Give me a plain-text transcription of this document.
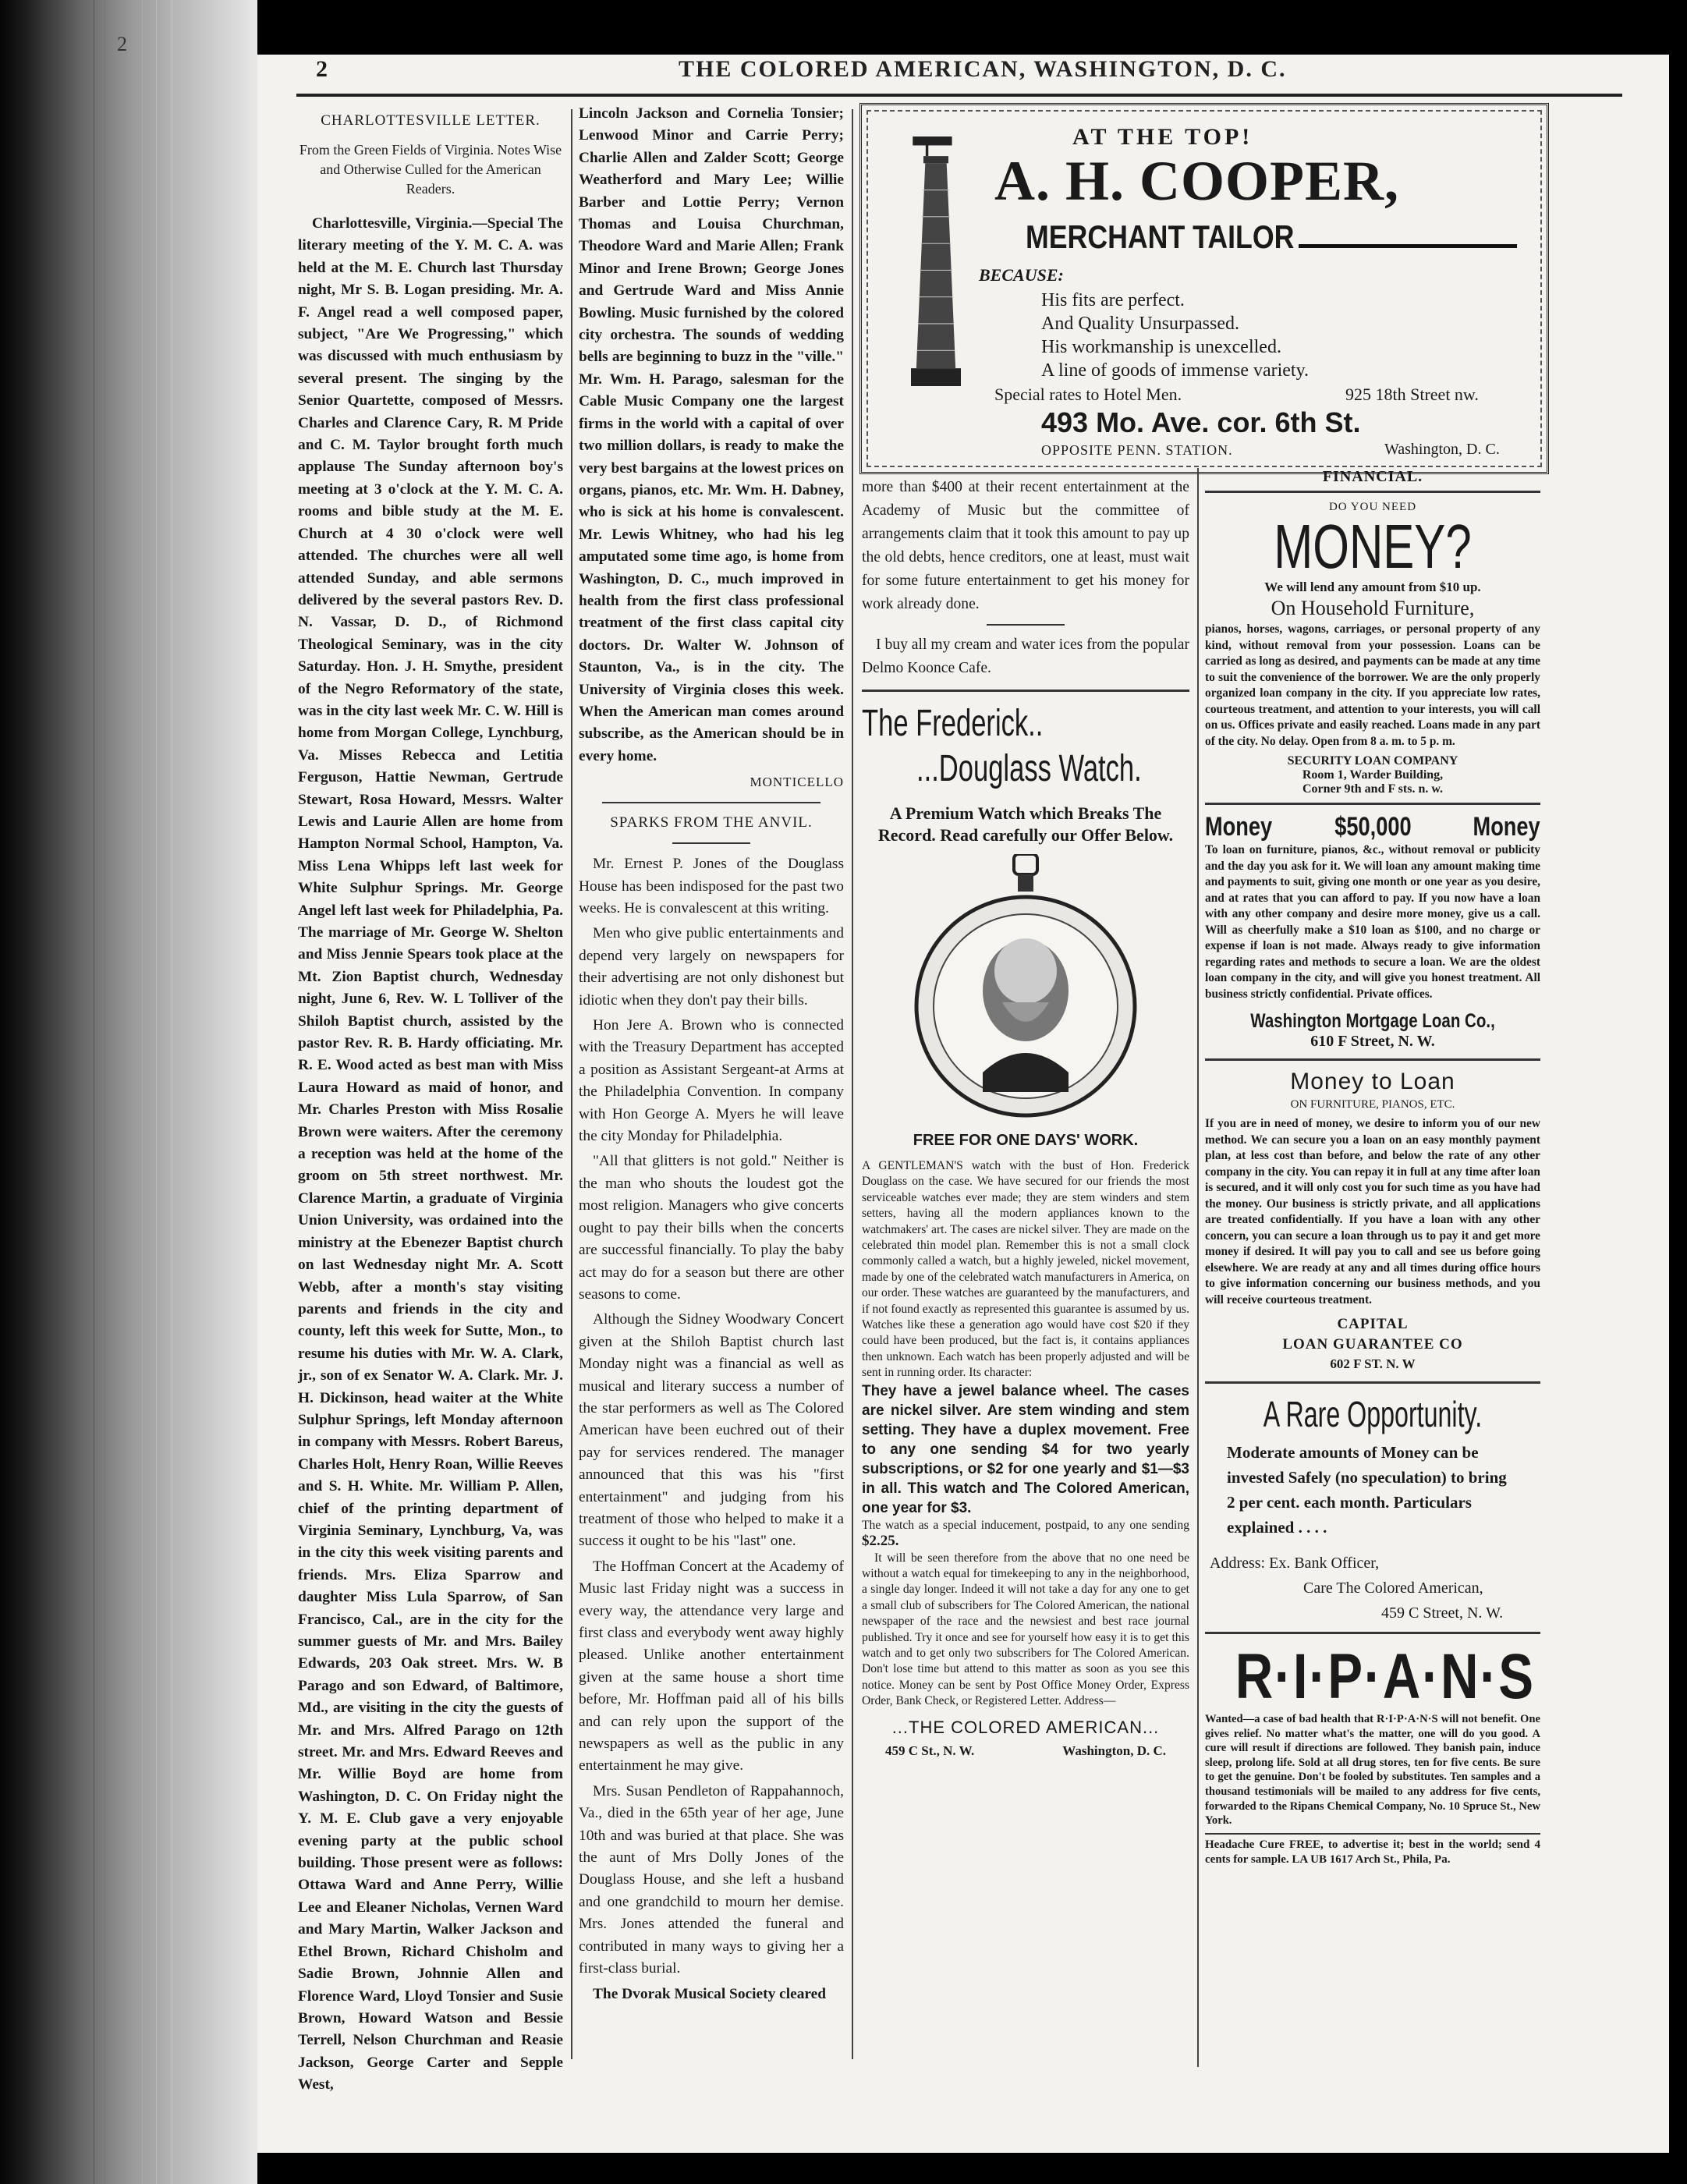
2
2	THE COLORED AMERICAN, WASHINGTON, D. C.
CHARLOTTESVILLE LETTER.
From the Green Fields of Virginia. Notes Wise and Otherwise Culled for the American Readers.

Charlottesville, Virginia.—Special The literary meeting of the Y. M. C. A. was held at the M. E. Church last Thursday night, Mr S. B. Logan presiding. Mr. A. F. Angel read a well composed paper, subject, "Are We Progressing," which was discussed with much enthusiasm by several present. The singing by the Senior Quartette, composed of Messrs. Charles and Clarence Cary, R. M Pride and C. M. Taylor brought forth much applause The Sunday afternoon boy's meeting at 3 o'clock at the Y. M. C. A. rooms and bible study at the M. E. Church at 4 30 o'clock were well attended. The churches were all well attended Sunday, and able sermons delivered by the several pastors Rev. D. N. Vassar, D. D., of Richmond Theological Seminary, was in the city Saturday. Hon. J. H. Smythe, president of the Negro Reformatory of the state, was in the city last week Mr. C. W. Hill is home from Morgan College, Lynchburg, Va. Misses Rebecca and Letitia Ferguson, Hattie Newman, Gertrude Stewart, Rosa Howard, Messrs. Walter Lewis and Laurie Allen are home from Hampton Normal School, Hampton, Va. Miss Lena Whipps left last week for White Sulphur Springs. Mr. George Angel left last week for Philadelphia, Pa. The marriage of Mr. George W. Shelton and Miss Jennie Spears took place at the Mt. Zion Baptist church, Wednesday night, June 6, Rev. W. L Tolliver of the Shiloh Baptist church, assisted by the pastor Rev. R. B. Hardy officiating. Mr. R. E. Wood acted as best man with Miss Laura Howard as maid of honor, and Mr. Charles Preston with Miss Rosalie Brown were waiters. After the ceremony a reception was held at the home of the groom on 5th street northwest. Mr. Clarence Martin, a graduate of Virginia Union University, was ordained into the ministry at the Ebenezer Baptist church on last Wednesday night Mr. A. Scott Webb, after a month's stay visiting parents and friends in the city and county, left this week for Sutte, Mon., to resume his duties with Mr. W. A. Clark, jr., son of ex Senator W. A. Clark. Mr. J. H. Dickinson, head waiter at the White Sulphur Springs, left Monday afternoon in company with Messrs. Robert Bareus, Charles Holt, Henry Roan, Willie Reeves and S. H. White. Mr. William P. Allen, chief of the printing department of Virginia Seminary, Lynchburg, Va, was in the city this week visiting parents and friends. Mrs. Eliza Sparrow and daughter Miss Lula Sparrow, of San Francisco, Cal., are in the city for the summer guests of Mr. and Mrs. Bailey Edwards, 203 Oak street. Mrs. W. B Parago and son Edward, of Baltimore, Md., are visiting in the city the guests of Mr. and Mrs. Alfred Parago on 12th street. Mr. and Mrs. Edward Reeves and Mr. Willie Boyd are home from Washington, D. C. On Friday night the Y. M. E. Club gave a very enjoyable evening party at the public school building. Those present were as follows: Ottawa Ward and Anne Perry, Willie Lee and Eleaner Nicholas, Vernen Ward and Mary Martin, Walker Jackson and Ethel Brown, Richard Chisholm and Sadie Brown, Johnnie Allen and Florence Ward, Lloyd Tonsier and Susie Brown, Howard Watson and Bessie Terrell, Nelson Churchman and Reasie Jackson, George Carter and Sepple West,

Lincoln Jackson and Cornelia Tonsier; Lenwood Minor and Carrie Perry; Charlie Allen and Zalder Scott; George Weatherford and Mary Lee; Willie Barber and Lottie Perry; Vernon Thomas and Louisa Churchman, Theodore Ward and Marie Allen; Frank Minor and Irene Brown; George Jones and Gertrude Ward and Miss Annie Bowling. Music furnished by the colored city orchestra. The sounds of wedding bells are beginning to buzz in the "ville." Mr. Wm. H. Parago, salesman for the Cable Music Company one the largest firms in the world with a capital of over two million dollars, is ready to make the very best bargains at the lowest prices on organs, pianos, etc. Mr. Wm. H. Dabney, who is sick at his home is convalescent. Mr. Lewis Whitney, who had his leg amputated some time ago, is home from Washington, D. C., much improved in health from the first class professional treatment of the first class capital city doctors. Dr. Walter W. Johnson of Staunton, Va., is in the city. The University of Virginia closes this week. When the American man comes around subscribe, as the American should be in every home.

MONTICELLO
SPARKS FROM THE ANVIL.

Mr. Ernest P. Jones of the Douglass House has been indisposed for the past two weeks. He is convalescent at this writing.

Men who give public entertainments and depend very largely on newspapers for their advertising are not only dishonest but idiotic when they don't pay their bills.

Hon Jere A. Brown who is connected with the Treasury Department has accepted a position as Assistant Sergeant-at Arms at the Philadelphia Convention. In company with Hon George A. Myers he will leave the city Monday for Philadelphia.

"All that glitters is not gold." Neither is the man who shouts the loudest got the most religion. Managers who give concerts ought to pay their bills when the concerts are successful financially. To play the baby act may do for a season but there are other seasons to come.

Although the Sidney Woodwary Concert given at the Shiloh Baptist church last Monday night was a financial as well as musical and literary success a number of the star performers as well as The Colored American have been euchred out of their pay for services rendered. The manager announced that this was his "first entertainment" and judging from his treatment of those who helped to make it a success it ought to be his "last" one.

The Hoffman Concert at the Academy of Music last Friday night was a success in every way, the attendance very large and first class and everybody went away highly pleased. Unlike another entertainment given at the same house a short time before, Mr. Hoffman paid all of his bills and can rely upon the support of the newspapers as well as the public in any entertainment he may give.

Mrs. Susan Pendleton of Rappahannoch, Va., died in the 65th year of her age, June 10th and was buried at that place. She was the aunt of Mrs Dolly Jones of the Douglass House, and she left a husband and one grandchild to mourn her demise. Mrs. Jones attended the funeral and contributed in many ways to giving her a first-class burial.

The Dvorak Musical Society cleared

AT THE TOP!
A. H. COOPER,
MERCHANT TAILOR
BECAUSE:
His fits are perfect.
And Quality Unsurpassed.
His workmanship is unexcelled.
A line of goods of immense variety.
Special rates to Hotel Men.	925 18th Street nw.
493 Mo. Ave. cor. 6th St.
OPPOSITE PENN. STATION.	Washington, D. C.

more than $400 at their recent entertainment at the Academy of Music but the committee of arrangements claim that it took this amount to pay up the old debts, hence creditors, one at least, must wait for some future entertainment to get his money for work already done.

I buy all my cream and water ices from the popular Delmo Koonce Cafe.

The Frederick..
...Douglass Watch.
A Premium Watch which Breaks The Record. Read carefully our Offer Below.
FREE FOR ONE DAYS' WORK.
A GENTLEMAN'S watch with the bust of Hon. Frederick Douglass on the case. We have secured for our friends the most serviceable watches ever made; they are stem winders and stem setters, having all the modern appliances known to the watchmakers' art. The cases are nickel silver. They are made on the celebrated thin model plan. Remember this is not a small clock commonly called a watch, but a highly jeweled, nickel movement, made by one of the celebrated watch manufacturers in America, on our order. These watches are guaranteed by the manufacturers, and if not found exactly as represented this guarantee is assumed by us. Watches like these a generation ago would have cost $20 if they could have been produced, but the fact is, it contains appliances then unknown. Each watch has been properly adjusted and will be sent in running order. Its character:
They have a jewel balance wheel. The cases are nickel silver. Are stem winding and stem setting. They have a duplex movement. Free to any one sending $4 for two yearly subscriptions, or $2 for one yearly and $1—$3 in all. This watch and The Colored American, one year for $3.
The watch as a special inducement, postpaid, to any one sending $2.25.
It will be seen therefore from the above that no one need be without a watch equal for timekeeping to any in the neighborhood, a single day longer. Indeed it will not take a day for any one to get a small club of subscribers for The Colored American, the national newspaper of the race and the newsiest and best race journal published. Try it once and see for yourself how easy it is to get this watch and to get only two subscribers for The Colored American. Don't lose time but attend to this matter as soon as you see this notice. Money can be sent by Post Office Money Order, Express Order, Bank Check, or Registered Letter. Address—
...THE COLORED AMERICAN...
459 C St., N. W.	Washington, D. C.
FINANCIAL.
DO YOU NEED
MONEY?
We will lend any amount from $10 up.
On Household Furniture,
pianos, horses, wagons, carriages, or personal property of any kind, without removal from your possession. Loans can be carried as long as desired, and payments can be made at any time to suit the convenience of the borrower. We are the only properly organized loan company in the city. If you appreciate low rates, courteous treatment, and attention to your interests, you will call on us. Offices private and easily reached. Loans made in any part of the city. No delay. Open from 8 a. m. to 5 p. m.
SECURITY LOAN COMPANY
Room 1, Warder Building,
Corner 9th and F sts. n. w.
Money $50,000 Money
To loan on furniture, pianos, &c., without removal or publicity and the day you ask for it. We will loan any amount making time and payments to suit, giving one month or one year as you desire, and at rates that you can afford to pay. If you now have a loan with any other company and desire more money, give us a call. Will as cheerfully make a $10 loan as $100, and no charge or expense if loan is not made. Always ready to give information regarding rates and methods to secure a loan. We are the oldest loan company in the city, and will give you honest treatment. All business strictly confidential. Private offices.
Washington Mortgage Loan Co.,
610 F Street, N. W.
Money to Loan
ON FURNITURE, PIANOS, ETC.
If you are in need of money, we desire to inform you of our new method. We can secure you a loan on an easy monthly payment plan, at less cost than before, and below the rate of any other company in the city. You can repay it in full at any time after loan is secured, and it will only cost you for such time as you have had the money. Our business is strictly private, and all applications are treated confidentially. If you have a loan with any other concern, you can secure a loan through us to pay it and get more money if desired. It will pay you to call and see us before going elsewhere. We are ready at any and all times during office hours to give information concerning our business methods, and you will receive courteous treatment.
CAPITAL
LOAN GUARANTEE CO
602 F ST. N. W
A Rare Opportunity.
Moderate amounts of Money can be invested Safely (no speculation) to bring 2 per cent. each month. Particulars explained . . . .
Address: Ex. Bank Officer,
Care The Colored American,
459 C Street, N. W.
R·I·P·A·N·S
Wanted—a case of bad health that R·I·P·A·N·S will not benefit. One gives relief. No matter what's the matter, one will do you good. A cure will result if directions are followed. They banish pain, induce sleep, prolong life. Sold at all drug stores, ten for five cents. Be sure to get the genuine. Don't be fooled by substitutes. Ten samples and a thousand testimonials will be mailed to any address for five cents, forwarded to the Ripans Chemical Company, No. 10 Spruce St., New York.
Headache Cure FREE, to advertise it; best in the world; send 4 cents for sample. LA UB 1617 Arch St., Phila, Pa.
